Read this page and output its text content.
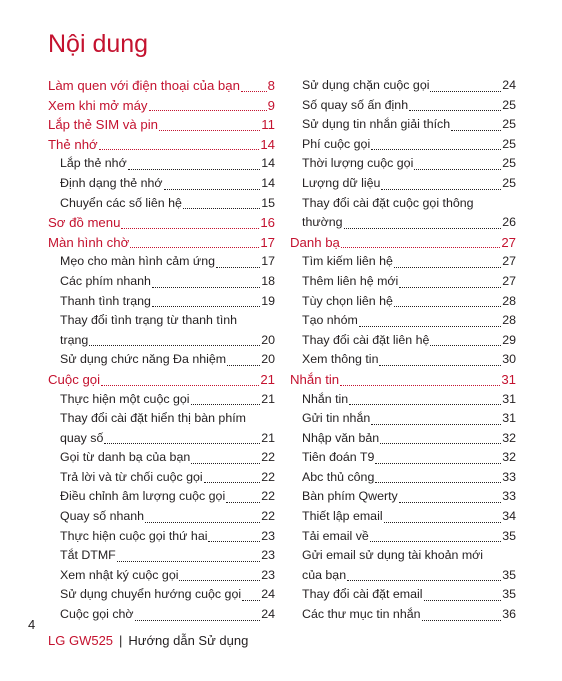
Nội dung
Làm quen với điện thoại của bạn 8
Xem khi mở máy	9
Lắp thẻ SIM và pin	11
Thẻ nhớ	14
Lắp thẻ nhớ	14
Định dạng thẻ nhớ	14
Chuyển các số liên hệ	15
Sơ đồ menu	16
Màn hình chờ	17
Mẹo cho màn hình cảm ứng	17
Các phím nhanh	18
Thanh tình trạng	19
Thay đổi tình trạng từ thanh tình
trạng	20
Sử dụng chức năng Đa nhiệm	20
Cuộc gọi	21
Thực hiện một cuộc gọi	21
Thay đổi cài đặt hiển thị bàn phím
quay số	21
Gọi từ danh bạ của bạn	22
Trả lời và từ chối cuộc gọi	22
Điều chỉnh âm lượng cuộc gọi	22
Quay số nhanh	22
Thực hiện cuộc gọi thứ hai	23
Tắt DTMF	23
Xem nhật ký cuộc gọi	23
Sử dụng chuyển hướng cuộc gọi 24
Cuộc gọi chờ	24
Sử dụng chặn cuộc gọi	24
Số quay số ấn định	25
Sử dụng tin nhắn giải thích	25
Phí cuộc gọi	25
Thời lượng cuộc gọi	25
Lượng dữ liệu	25
Thay đổi cài đặt cuộc gọi thông
thường	26
Danh bạ	27
Tìm kiếm liên hệ	27
Thêm liên hệ mới	27
Tùy chọn liên hệ	28
Tạo nhóm	28
Thay đổi cài đặt liên hệ	29
Xem thông tin	30
Nhắn tin	31
Nhắn tin	31
Gửi tin nhắn	31
Nhập văn bản	32
Tiên đoán T9	32
Abc thủ công	33
Bàn phím Qwerty	33
Thiết lập email	34
Tải email về	35
Gửi email sử dụng tài khoản mới
của bạn	35
Thay đổi cài đặt email	35
Các thư mục tin nhắn	36
4
LG GW525 | Hướng dẫn Sử dụng
